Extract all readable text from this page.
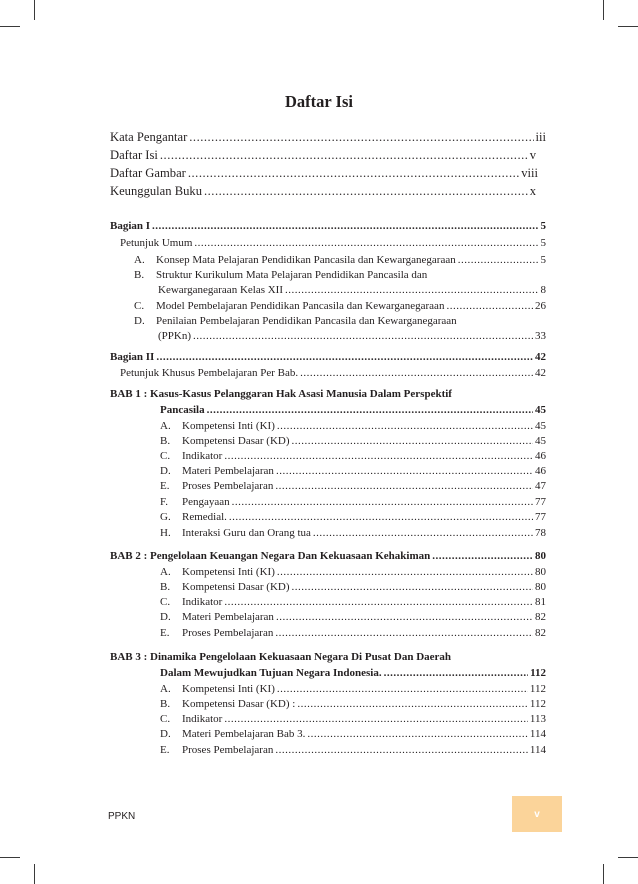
Daftar Isi
Kata Pengantar .....	iii
Daftar Isi .....	v
Daftar Gambar .....	viii
Keunggulan Buku .....	x
Bagian I .....	5
Petunjuk Umum .....	5
A. Konsep Mata Pelajaran Pendidikan Pancasila dan Kewarganegaraan .....	5
B. Struktur Kurikulum Mata Pelajaran Pendidikan Pancasila dan
Kewarganegaraan Kelas XII .....	8
C. Model Pembelajaran Pendidikan Pancasila dan Kewarganegaraan .....	26
D. Penilaian Pembelajaran Pendidikan Pancasila dan Kewarganegaraan
(PPKn) .....	33
Bagian II .....	42
Petunjuk Khusus Pembelajaran Per Bab. .....	42
BAB 1 : Kasus-Kasus Pelanggaran Hak Asasi Manusia Dalam Perspektif
Pancasila .....	45
A. Kompetensi Inti (KI) .....	45
B. Kompetensi Dasar (KD) .....	45
C. Indikator .....	46
D. Materi Pembelajaran .....	46
E. Proses Pembelajaran .....	47
F. Pengayaan .....	77
G. Remedial. .....	77
H. Interaksi Guru dan Orang tua .....	78
BAB 2 : Pengelolaan Keuangan Negara Dan Kekuasaan Kehakiman .....	80
A. Kompetensi Inti (KI) .....	80
B. Kompetensi Dasar (KD) .....	80
C. Indikator .....	81
D. Materi Pembelajaran .....	82
E. Proses Pembelajaran .....	82
BAB 3 : Dinamika Pengelolaan Kekuasaan Negara Di Pusat Dan Daerah
Dalam Mewujudkan Tujuan Negara Indonesia. .....	112
A. Kompetensi Inti (KI) .....	112
B. Kompetensi Dasar (KD) : .....	112
C. Indikator .....	113
D. Materi Pembelajaran Bab 3. .....	114
E. Proses Pembelajaran .....	114
PPKN	v
